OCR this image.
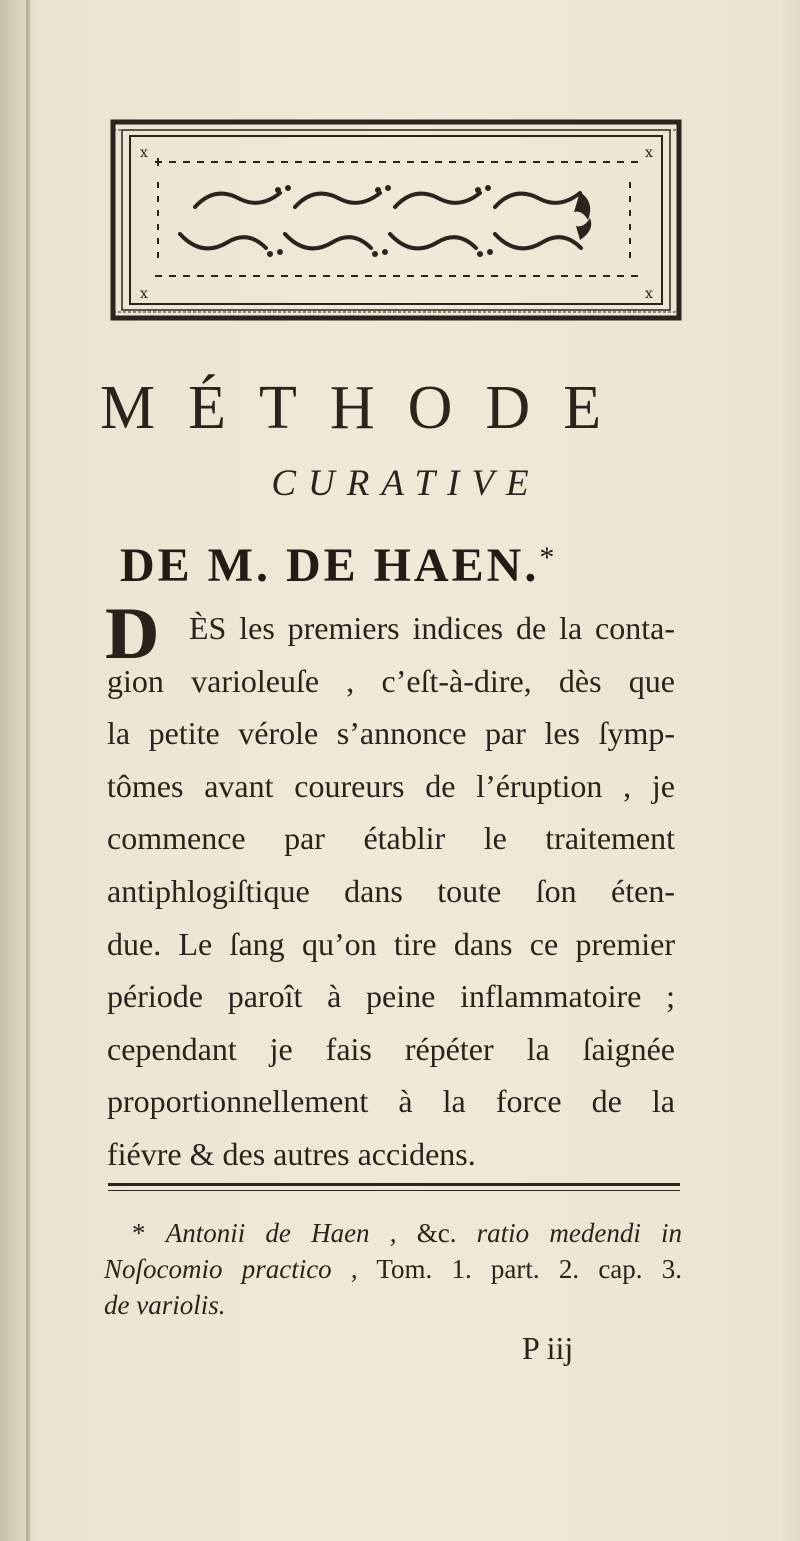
x	x
x	x
MÉTHODE
CURATIVE
DE M. DE HAEN.*
D ÈS les premiers indices de la conta-
gion varioleuſe , c’eſt-à-dire, dès que
la petite vérole s’annonce par les ſymp-
tômes avant coureurs de l’éruption , je
commence par établir le traitement
antiphlogiſtique dans toute ſon éten-
due. Le ſang qu’on tire dans ce premier
période paroît à peine inflammatoire ;
cependant je fais répéter la ſaignée
proportionnellement à la force de la
fiévre & des autres accidens.
* Antonii de Haen , &c. ratio medendi in
Noſocomio practico , Tom. 1. part. 2. cap. 3.
de variolis.
P iij
